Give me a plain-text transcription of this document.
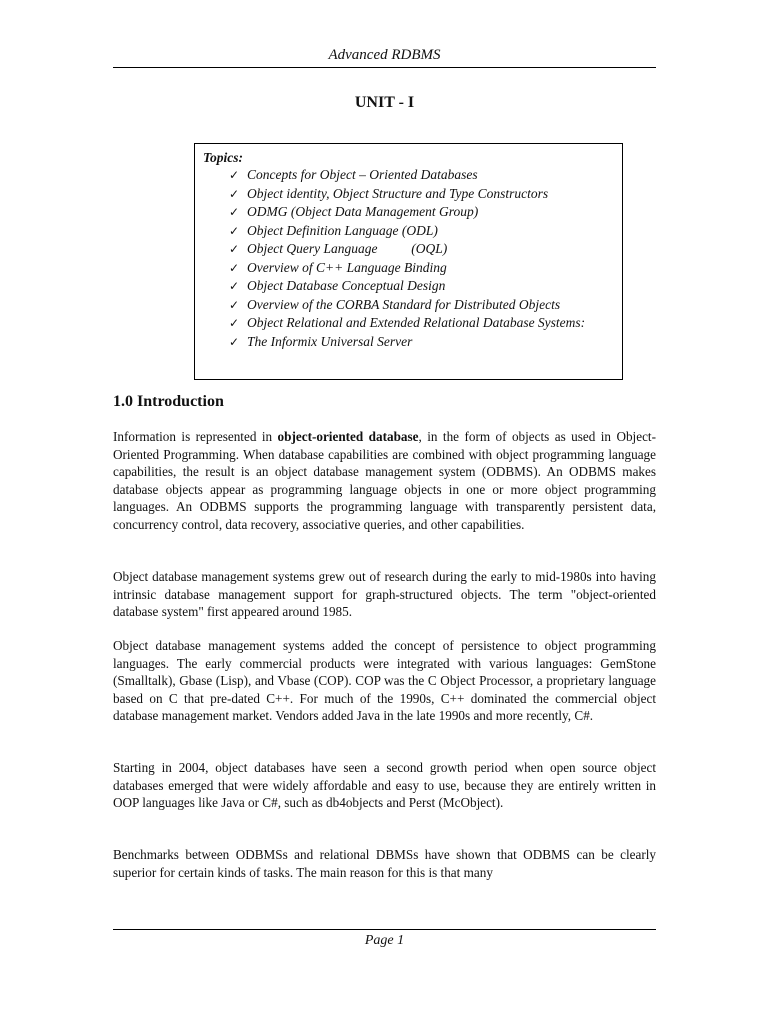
Advanced RDBMS
UNIT - I
Topics:
✓ Concepts for Object – Oriented Databases
✓ Object identity, Object Structure and Type Constructors
✓ ODMG (Object Data Management Group)
✓ Object Definition Language (ODL)
✓ Object Query Language          (OQL)
✓ Overview of C++ Language Binding
✓ Object Database Conceptual Design
✓ Overview of the CORBA Standard for Distributed Objects
✓ Object Relational and Extended Relational Database Systems:
✓ The Informix Universal Server
1.0 Introduction

Information is represented in object-oriented database, in the form of objects as used in Object-Oriented Programming. When database capabilities are combined with object programming language capabilities, the result is an object database management system (ODBMS). An ODBMS makes database objects appear as programming language objects in one or more object programming languages. An ODBMS supports the programming language with transparently persistent data, concurrency control, data recovery, associative queries, and other capabilities.

Object database management systems grew out of research during the early to mid-1980s into having intrinsic database management support for graph-structured objects. The term "object-oriented database system" first appeared around 1985.

Object database management systems added the concept of persistence to object programming languages. The early commercial products were integrated with various languages: GemStone (Smalltalk), Gbase (Lisp), and Vbase (COP). COP was the C Object Processor, a proprietary language based on C that pre-dated C++. For much of the 1990s, C++ dominated the commercial object database management market. Vendors added Java in the late 1990s and more recently, C#.

Starting in 2004, object databases have seen a second growth period when open source object databases emerged that were widely affordable and easy to use, because they are entirely written in OOP languages like Java or C#, such as db4objects and Perst (McObject).

Benchmarks between ODBMSs and relational DBMSs have shown that ODBMS can be clearly superior for certain kinds of tasks. The main reason for this is that many

Page 1
